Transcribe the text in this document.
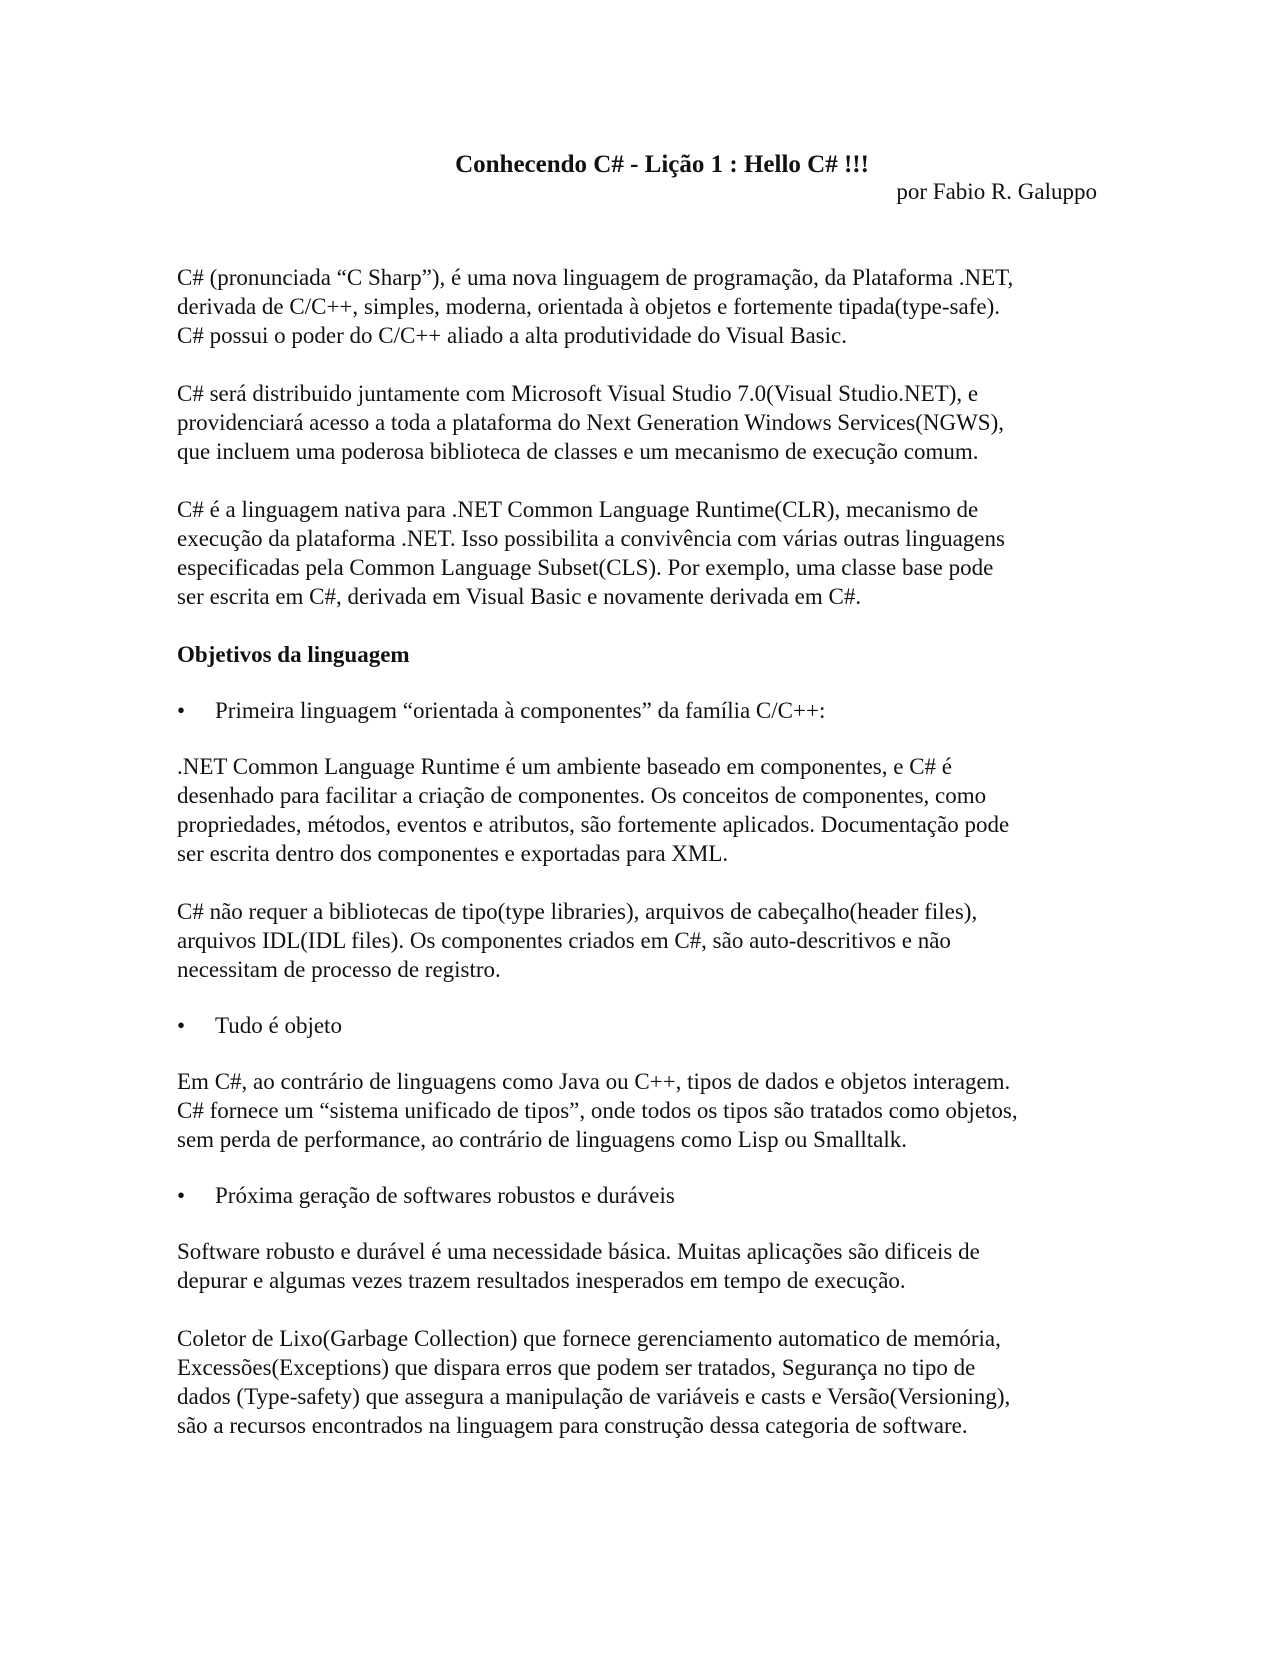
Conhecendo C# - Lição 1 : Hello C# !!!

por Fabio R. Galuppo

C# (pronunciada “C Sharp”), é uma nova linguagem de programação, da Plataforma .NET,
derivada de C/C++, simples, moderna, orientada à objetos e fortemente tipada(type-safe).
C# possui o poder do C/C++ aliado a alta produtividade do Visual Basic.

C# será distribuido juntamente com Microsoft Visual Studio 7.0(Visual Studio.NET), e
providenciará acesso a toda a plataforma do Next Generation Windows Services(NGWS),
que incluem uma poderosa biblioteca de classes e um mecanismo de execução comum.

C# é a linguagem nativa para .NET Common Language Runtime(CLR), mecanismo de
execução da plataforma .NET. Isso possibilita a convivência com várias outras linguagens
especificadas pela Common Language Subset(CLS). Por exemplo, uma classe base pode
ser escrita em C#, derivada em Visual Basic e novamente derivada em C#.

Objetivos da linguagem
•	Primeira linguagem “orientada à componentes” da família C/C++:

.NET Common Language Runtime é um ambiente baseado em componentes, e C# é
desenhado para facilitar a criação de componentes. Os conceitos de componentes, como
propriedades, métodos, eventos e atributos, são fortemente aplicados. Documentação pode
ser escrita dentro dos componentes e exportadas para XML.

C# não requer a bibliotecas de tipo(type libraries), arquivos de cabeçalho(header files),
arquivos IDL(IDL files). Os componentes criados em C#, são auto-descritivos e não
necessitam de processo de registro.

•	Tudo é objeto

Em C#, ao contrário de linguagens como Java ou C++, tipos de dados e objetos interagem.
C# fornece um “sistema unificado de tipos”, onde todos os tipos são tratados como objetos,
sem perda de performance, ao contrário de linguagens como Lisp ou Smalltalk.

•	Próxima geração de softwares robustos e duráveis

Software robusto e durável é uma necessidade básica. Muitas aplicações são dificeis de
depurar e algumas vezes trazem resultados inesperados em tempo de execução.

Coletor de Lixo(Garbage Collection) que fornece gerenciamento automatico de memória,
Excessões(Exceptions) que dispara erros que podem ser tratados, Segurança no tipo de
dados (Type-safety) que assegura a manipulação de variáveis e casts e Versão(Versioning),
são a recursos encontrados na linguagem para construção dessa categoria de software.
